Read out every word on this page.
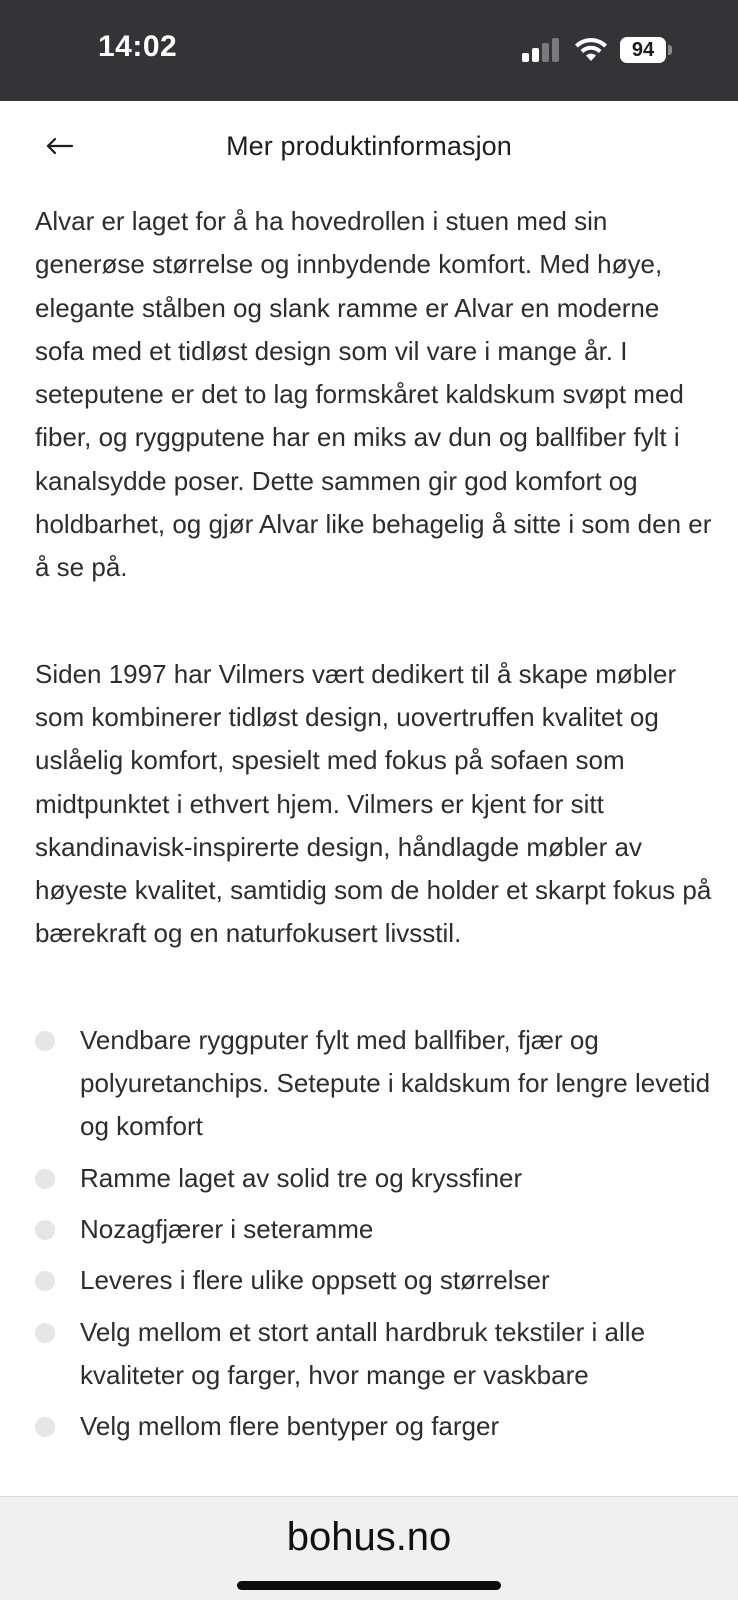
14:02	94
Mer produktinformasjon

Alvar er laget for å ha hovedrollen i stuen med sin generøse størrelse og innbydende komfort. Med høye, elegante stålben og slank ramme er Alvar en moderne sofa med et tidløst design som vil vare i mange år. I seteputene er det to lag formskåret kaldskum svøpt med fiber, og ryggputene har en miks av dun og ballfiber fylt i kanalsydde poser. Dette sammen gir god komfort og holdbarhet, og gjør Alvar like behagelig å sitte i som den er å se på.

Siden 1997 har Vilmers vært dedikert til å skape møbler som kombinerer tidløst design, uovertruffen kvalitet og uslåelig komfort, spesielt med fokus på sofaen som midtpunktet i ethvert hjem. Vilmers er kjent for sitt skandinavisk-inspirerte design, håndlagde møbler av høyeste kvalitet, samtidig som de holder et skarpt fokus på bærekraft og en naturfokusert livsstil.

Vendbare ryggputer fylt med ballfiber, fjær og polyuretanchips. Setepute i kaldskum for lengre levetid og komfort
Ramme laget av solid tre og kryssfiner
Nozagfjærer i seteramme
Leveres i flere ulike oppsett og størrelser
Velg mellom et stort antall hardbruk tekstiler i alle kvaliteter og farger, hvor mange er vaskbare
Velg mellom flere bentyper og farger
bohus.no
